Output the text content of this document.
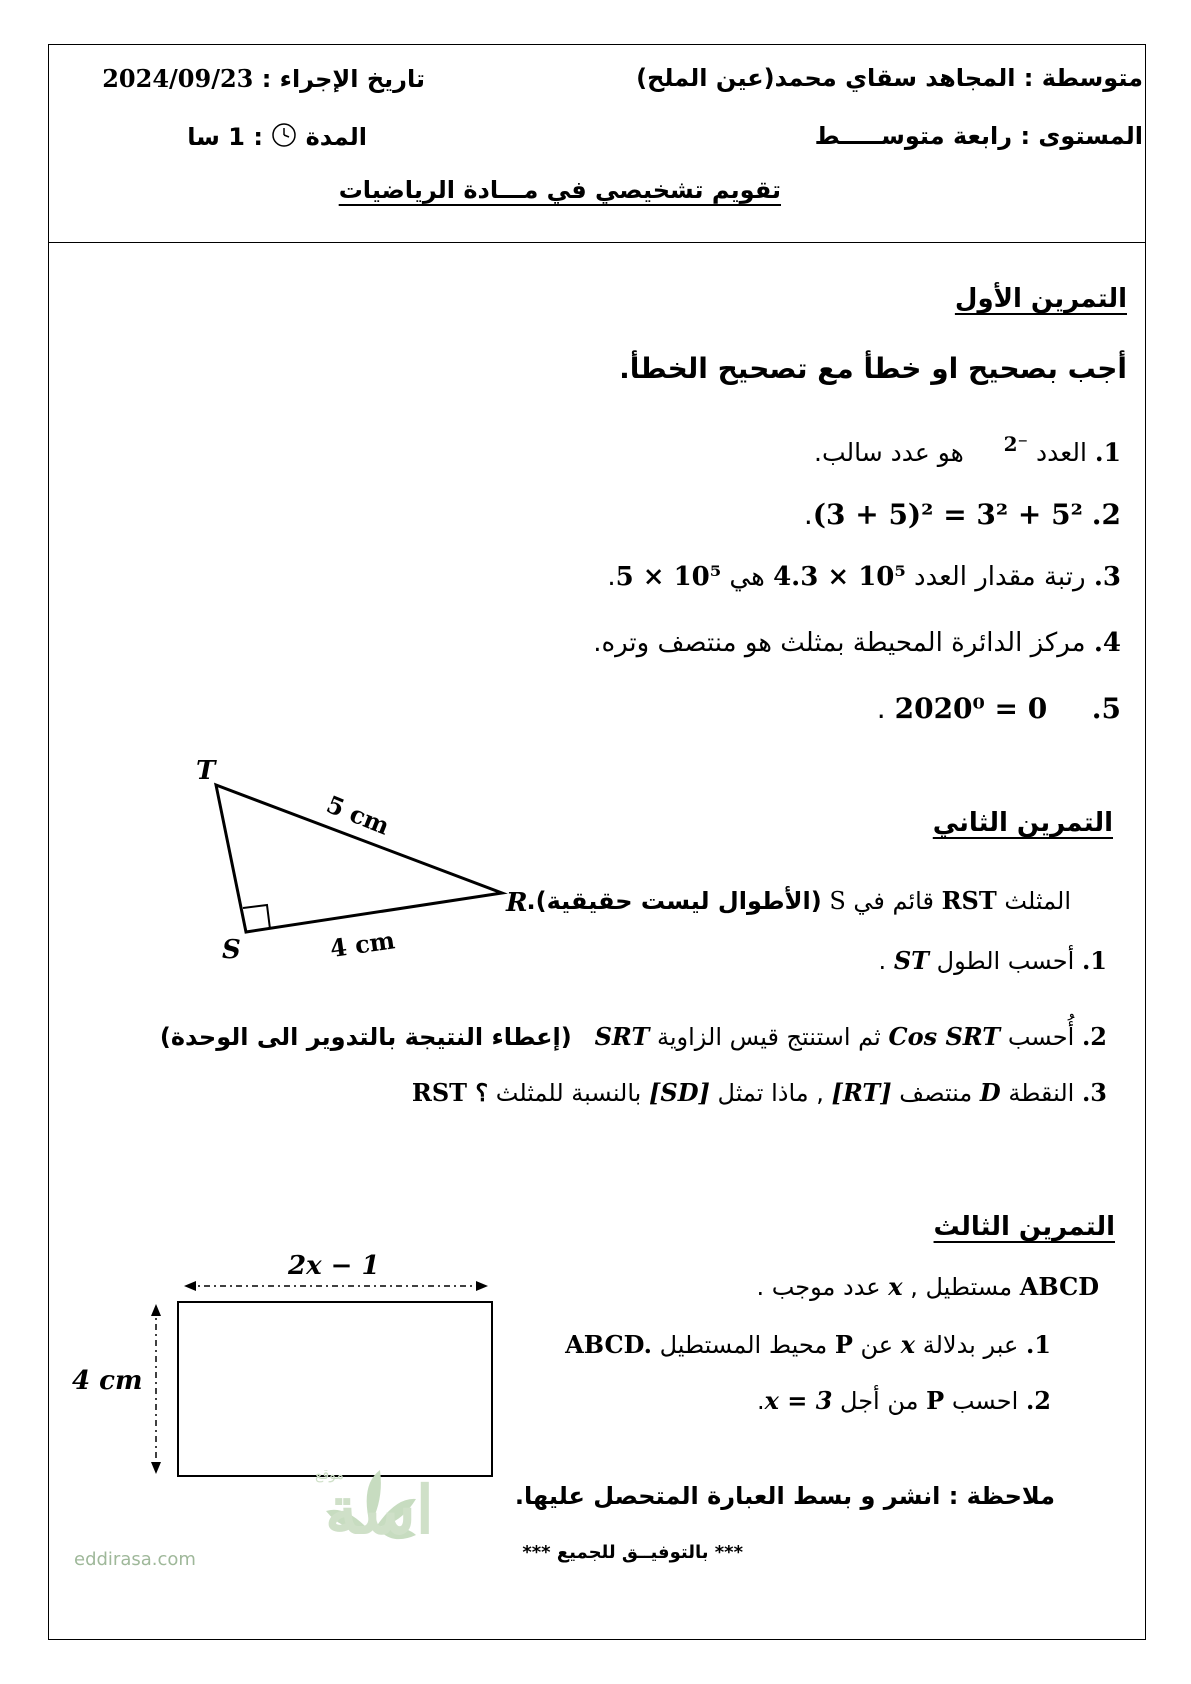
متوسطة : المجاهد سقاي محمد(عين الملح)
تاريخ الإجراء : 2024/09/23
المستوى : رابعة متوســـــط
المدة  : 1 سا
تقويم تشخيصي في مـــادة الرياضيات
التمرين الأول
أجب بصحيح او خطأ مع تصحيح الخطأ.
1. العدد 2⁻     هو عدد سالب.
2. (3 + 5)² = 3² + 5².
3. رتبة مقدار العدد 4.3 × 10⁵ هي 5 × 10⁵.
4. مركز الدائرة المحيطة بمثلث هو منتصف وتره.
5.     2020⁰ = 0 .
T
S
R
5 cm
4 cm
التمرين الثاني
المثلث RST قائم في S (الأطوال ليست حقيقية).
1. أحسب الطول ST .
2. أُحسب Cos SRT ثم استنتج قيس الزاوية SRT   (إعطاء النتيجة بالتدوير الى الوحدة)
3. النقطة D منتصف [RT] , ماذا تمثل [SD] بالنسبة للمثلث RST ؟
التمرين الثالث
ABCD مستطيل , x عدد موجب .
1. عبر بدلالة x عن P محيط المستطيل ABCD.
2. احسب P من أجل x = 3.
ملاحظة : انشر و بسط العبارة المتحصل عليها.
2x − 1
4 cm
اسة
موقع
eddirasa.com	*** بالتوفيــق للجميع ***
